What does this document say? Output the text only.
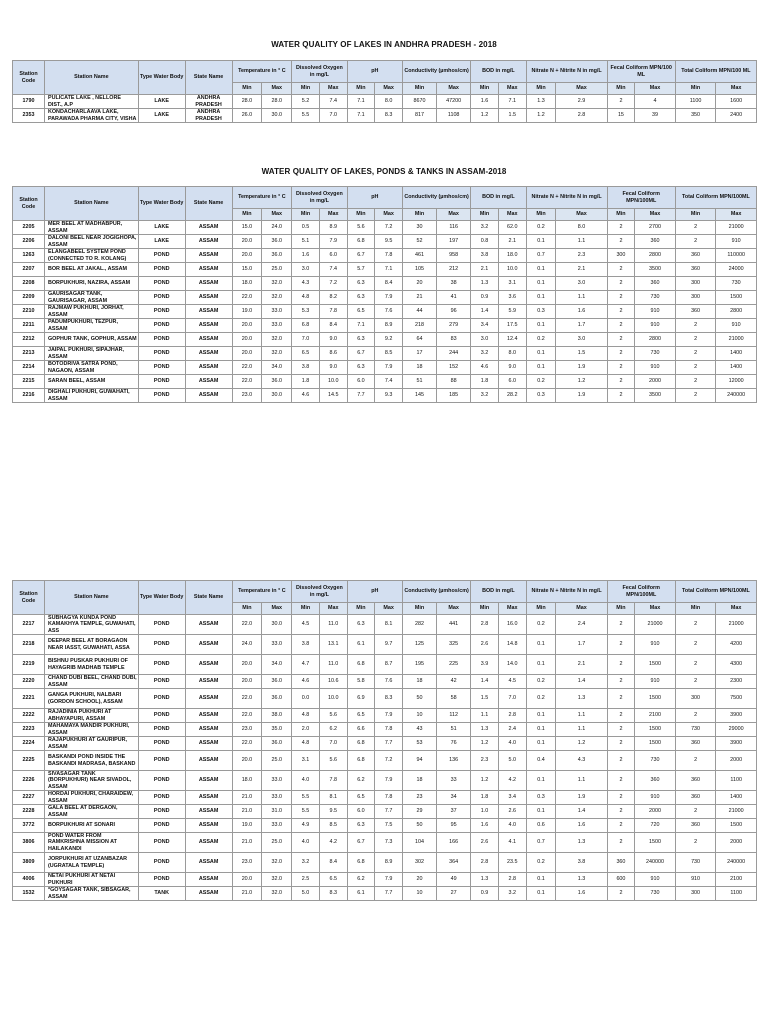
WATER QUALITY OF LAKES IN ANDHRA PRADESH - 2018
Station Code	Station Name	Type Water Body	State Name	Temperature in ° C		Dissolved Oxygen in mg/L		pH		Conductivity (µmhos/cm)		BOD in mg/L		Nitrate N + Nitrite N in mg/L		Fecal Coliform MPN/100 ML		Total Coliform MPN/100 ML	
				Min	Max	Min	Max	Min	Max	Min	Max	Min	Max	Min	Max	Min	Max	Min	Max
1790	PULICATE LAKE , NELLORE DIST., A.P	LAKE	ANDHRA PRADESH	28.0	28.0	5.2	7.4	7.1	8.0	8670	47200	1.6	7.1	1.3	2.9	2	4	1100	1600
2353	KONDACHARLAAVA LAKE, PARAWADA PHARMA CITY, VISHA	LAKE	ANDHRA PRADESH	26.0	30.0	5.5	7.0	7.1	8.3	817	1108	1.2	1.5	1.2	2.8	15	39	350	2400
WATER QUALITY OF LAKES, PONDS & TANKS IN ASSAM-2018
Station Code	Station Name	Type Water Body	State Name	Temperature in ° C		Dissolved Oxygen in mg/L		pH		Conductivity (µmhos/cm)		BOD in mg/L		Nitrate N + Nitrite N in mg/L		Fecal Coliform MPN/100ML		Total Coliform MPN/100ML	
				Min	Max	Min	Max	Min	Max	Min	Max	Min	Max	Min	Max	Min	Max	Min	Max
2205	MER BEEL AT MADHABPUR, ASSAM	LAKE	ASSAM	15.0	24.0	0.5	8.9	5.6	7.2	30	116	3.2	62.0	0.2	8.0	2	2700	2	21000
2206	DALONI BEEL NEAR JOGIGHOPA, ASSAM	LAKE	ASSAM	20.0	36.0	5.1	7.9	6.8	9.5	52	197	0.8	2.1	0.1	1.1	2	360	2	910
1263	ELANGABEEL SYSTEM POND (CONNECTED TO R. KOLANG)	POND	ASSAM	20.0	36.0	1.6	6.0	6.7	7.8	461	958	3.8	18.0	0.7	2.3	300	2800	360	110000
2207	BOR BEEL AT JAKAL., ASSAM	POND	ASSAM	15.0	25.0	3.0	7.4	5.7	7.1	105	212	2.1	10.0	0.1	2.1	2	3500	360	24000
2208	BORPUKHURI, NAZIRA, ASSAM	POND	ASSAM	18.0	32.0	4.3	7.2	6.3	8.4	20	38	1.3	3.1	0.1	3.0	2	360	300	730
2209	GAURISAGAR TANK, GAURISAGAR, ASSAM	POND	ASSAM	22.0	32.0	4.8	8.2	6.3	7.9	21	41	0.9	3.6	0.1	1.1	2	730	300	1500
2210	RAJMAW PUKHURI, JORHAT, ASSAM	POND	ASSAM	19.0	33.0	5.3	7.8	6.5	7.6	44	96	1.4	5.9	0.3	1.6	2	910	360	2800
2211	PADUMPUKHURI, TEZPUR, ASSAM	POND	ASSAM	20.0	33.0	6.8	8.4	7.1	8.9	218	279	3.4	17.5	0.1	1.7	2	910	2	910
2212	GOPHUR TANK, GOPHUR, ASSAM	POND	ASSAM	20.0	32.0	7.0	9.0	6.3	9.2	64	83	3.0	12.4	0.2	3.0	2	2800	2	21000
2213	JAIPAL PUKHURI, SIPAJHAR, ASSAM	POND	ASSAM	20.0	32.0	6.5	8.6	6.7	8.5	17	244	3.2	8.0	0.1	1.5	2	730	2	1400
2214	BOTODRIVA SATRA POND, NAGAON, ASSAM	POND	ASSAM	22.0	34.0	3.8	9.0	6.3	7.9	18	152	4.6	9.0	0.1	1.9	2	910	2	1400
2215	SARAN BEEL, ASSAM	POND	ASSAM	22.0	36.0	1.8	10.0	6.0	7.4	51	88	1.8	6.0	0.2	1.2	2	2000	2	12000
2216	DIGHALI PUKHURI, GUWAHATI, ASSAM	POND	ASSAM	23.0	30.0	4.6	14.5	7.7	9.3	145	185	3.2	28.2	0.3	1.9	2	3500	2	240000
Station Code	Station Name	Type Water Body	State Name	Temperature in ° C		Dissolved Oxygen in mg/L		pH		Conductivity (µmhos/cm)		BOD in mg/L		Nitrate N + Nitrite N in mg/L		Fecal Coliform MPN/100ML		Total Coliform MPN/100ML	
				Min	Max	Min	Max	Min	Max	Min	Max	Min	Max	Min	Max	Min	Max	Min	Max
2217	SUBHAGYA KUNDA POND KAMAKHYA TEMPLE, GUWAHATI, ASS	POND	ASSAM	22.0	30.0	4.5	11.0	6.3	8.1	282	441	2.8	16.0	0.2	2.4	2	21000	2	21000
2218	DEEPAR BEEL AT BORAGAON NEAR IASST, GUWAHATI, ASSA	POND	ASSAM	24.0	33.0	3.8	13.1	6.1	9.7	125	325	2.6	14.8	0.1	1.7	2	910	2	4200
2219	BISHNU PUSKAR PUKHURI OF HAYAGRIB MADHAB TEMPLE	POND	ASSAM	20.0	34.0	4.7	11.0	6.8	8.7	195	225	3.9	14.0	0.1	2.1	2	1500	2	4300
2220	CHAND DUBI BEEL, CHAND DUBI, ASSAM	POND	ASSAM	20.0	36.0	4.6	10.6	5.8	7.6	18	42	1.4	4.5	0.2	1.4	2	910	2	2300
2221	GANGA PUKHURI, NALBARI (GORDON SCHOOL), ASSAM	POND	ASSAM	22.0	36.0	0.0	10.0	6.9	8.3	50	58	1.5	7.0	0.2	1.3	2	1500	300	7500
2222	RAJADINIA PUKHURI AT ABHAYAPURI, ASSAM	POND	ASSAM	22.0	38.0	4.8	5.6	6.5	7.9	10	112	1.1	2.8	0.1	1.1	2	2100	2	3900
2223	MAHAMAYA MANDIR PUKHURI, ASSAM	POND	ASSAM	23.0	35.0	2.0	6.2	6.6	7.8	43	51	1.3	2.4	0.1	1.1	2	1500	730	29000
2224	RAJAPUKHURI AT GAURIPUR, ASSAM	POND	ASSAM	22.0	36.0	4.8	7.0	6.8	7.7	53	76	1.2	4.0	0.1	1.2	2	1500	360	3900
2225	BASKANDI POND INSIDE THE BASKANDI MADRASA, BASKAND	POND	ASSAM	20.0	25.0	3.1	5.6	6.8	7.2	94	136	2.3	5.0	0.4	4.3	2	730	2	2000
2226	SIVASAGAR TANK (BORPUKHURI) NEAR SIVADOL, ASSAM	POND	ASSAM	18.0	33.0	4.0	7.8	6.2	7.9	18	33	1.2	4.2	0.1	1.1	2	360	360	1100
2227	HORDAI PUKHURI, CHARAIDEW, ASSAM	POND	ASSAM	21.0	33.0	5.5	8.1	6.5	7.8	23	34	1.8	3.4	0.3	1.9	2	910	360	1400
2228	GALA BEEL AT DERGAON, ASSAM	POND	ASSAM	21.0	31.0	5.5	9.5	6.0	7.7	29	37	1.0	2.6	0.1	1.4	2	2000	2	21000
3772	BORPUKHURI AT SONARI	POND	ASSAM	19.0	33.0	4.9	8.5	6.3	7.5	50	95	1.6	4.0	0.6	1.6	2	720	360	1500
3806	POND WATER FROM RAMKRISHNA MISSION AT HAILAKANDI	POND	ASSAM	21.0	25.0	4.0	4.2	6.7	7.3	104	166	2.6	4.1	0.7	1.3	2	1500	2	2000
3809	JORPUKHURI AT UZANBAZAR (UGRATALA TEMPLE)	POND	ASSAM	23.0	32.0	3.2	8.4	6.8	8.9	302	364	2.8	23.5	0.2	3.8	360	240000	730	240000
4006	NETAI PUKHURI AT NETAI PUKHURI	POND	ASSAM	20.0	32.0	2.5	6.5	6.2	7.9	20	49	1.3	2.8	0.1	1.3	600	910	910	2100
1532	*GOYSAGAR TANK, SIBSAGAR, ASSAM	TANK	ASSAM	21.0	32.0	5.0	8.3	6.1	7.7	10	27	0.9	3.2	0.1	1.6	2	730	300	1100
